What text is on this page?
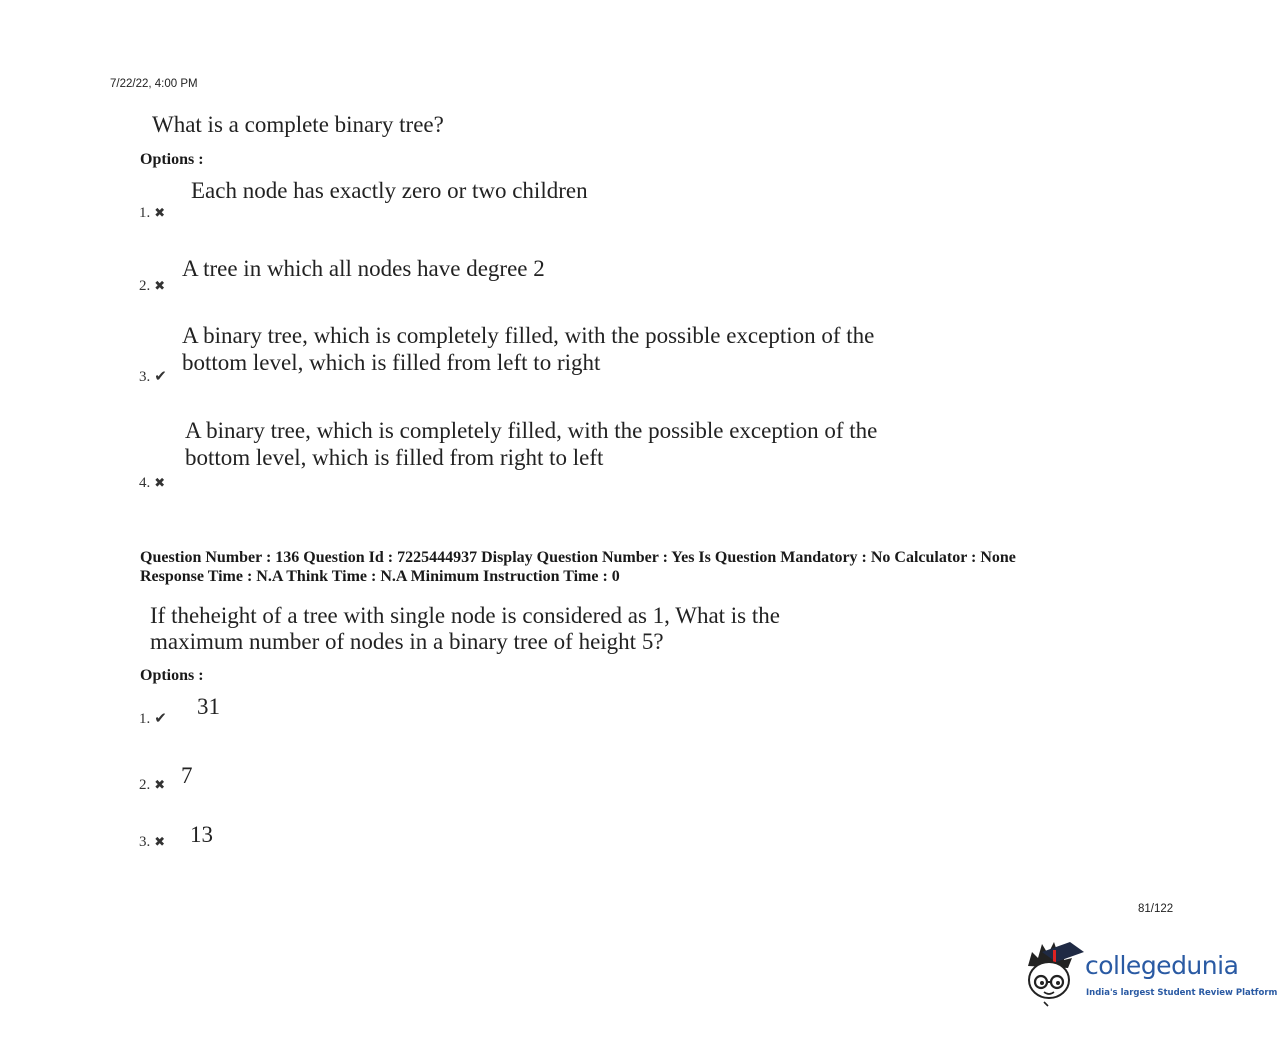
7/22/22, 4:00 PM
What is a complete binary tree?
Options :
Each node has exactly zero or two children
1. ✖
A tree in which all nodes have degree 2
2. ✖
A binary tree, which is completely filled, with the possible exception of the
bottom level, which is filled from left to right
3. ✔
A binary tree, which is completely filled, with the possible exception of the
bottom level, which is filled from right to left
4. ✖
Question Number : 136 Question Id : 7225444937 Display Question Number : Yes Is Question Mandatory : No Calculator : None
Response Time : N.A Think Time : N.A Minimum Instruction Time : 0
If theheight of a tree with single node is considered as 1, What is the
maximum number of nodes in a binary tree of height 5?
Options :
1. ✔ 31
2. ✖ 7
3. ✖ 13
81/122
collegedunia
India's largest Student Review Platform
